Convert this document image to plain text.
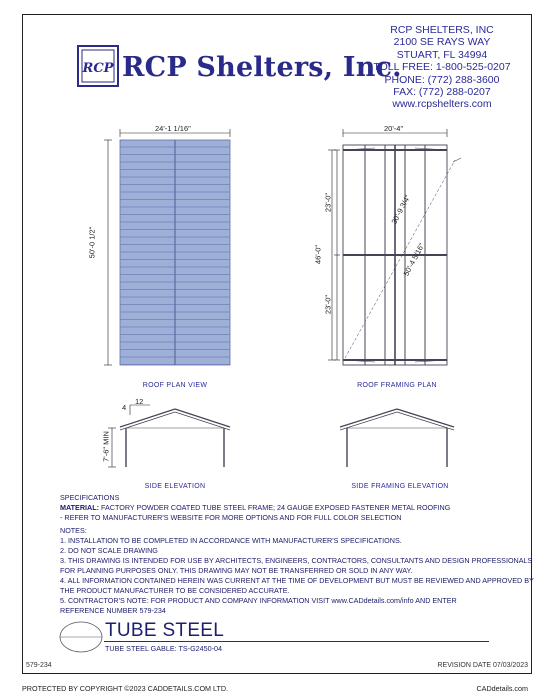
RCP RCP Shelters, Inc.
RCP SHELTERS, INC
2100 SE RAYS WAY
STUART, FL 34994
TOLL FREE: 1-800-525-0207
PHONE: (772) 288-3600
FAX: (772) 288-0207
www.rcpshelters.com
24'-1 1/16"
50'-0 1/2"
ROOF PLAN VIEW
20'-4"
46'-0"
23'-0"
23'-0"
30'-9 3/4"
50'-4 5/16"
ROOF FRAMING PLAN
4
12
7'-6" MIN
SIDE ELEVATION	SIDE FRAMING ELEVATION
SPECIFICATIONS
MATERIAL: FACTORY POWDER COATED TUBE STEEL FRAME; 24 GAUGE EXPOSED FASTENER METAL ROOFING
- REFER TO MANUFACTURER'S WEBSITE FOR MORE OPTIONS AND FOR FULL COLOR SELECTION
NOTES:
1. INSTALLATION TO BE COMPLETED IN ACCORDANCE WITH MANUFACTURER'S SPECIFICATIONS.
2. DO NOT SCALE DRAWING
3. THIS DRAWING IS INTENDED FOR USE BY ARCHITECTS, ENGINEERS, CONTRACTORS, CONSULTANTS AND DESIGN PROFESSIONALS
FOR PLANNING PURPOSES ONLY. THIS DRAWING MAY NOT BE TRANSFERRED OR SOLD IN ANY WAY.
4. ALL INFORMATION CONTAINED HEREIN WAS CURRENT AT THE TIME OF DEVELOPMENT BUT MUST BE REVIEWED AND APPROVED BY
THE PRODUCT MANUFACTURER TO BE CONSIDERED ACCURATE.
5. CONTRACTOR'S NOTE: FOR PRODUCT AND COMPANY INFORMATION VISIT www.CADdetails.com/info AND ENTER
REFERENCE NUMBER 579-234
TUBE STEEL
TUBE STEEL GABLE: TS-G2450-04
579-234	REVISION DATE 07/03/2023
PROTECTED BY COPYRIGHT ©2023 CADDETAILS.COM LTD.	CADdetails.com
